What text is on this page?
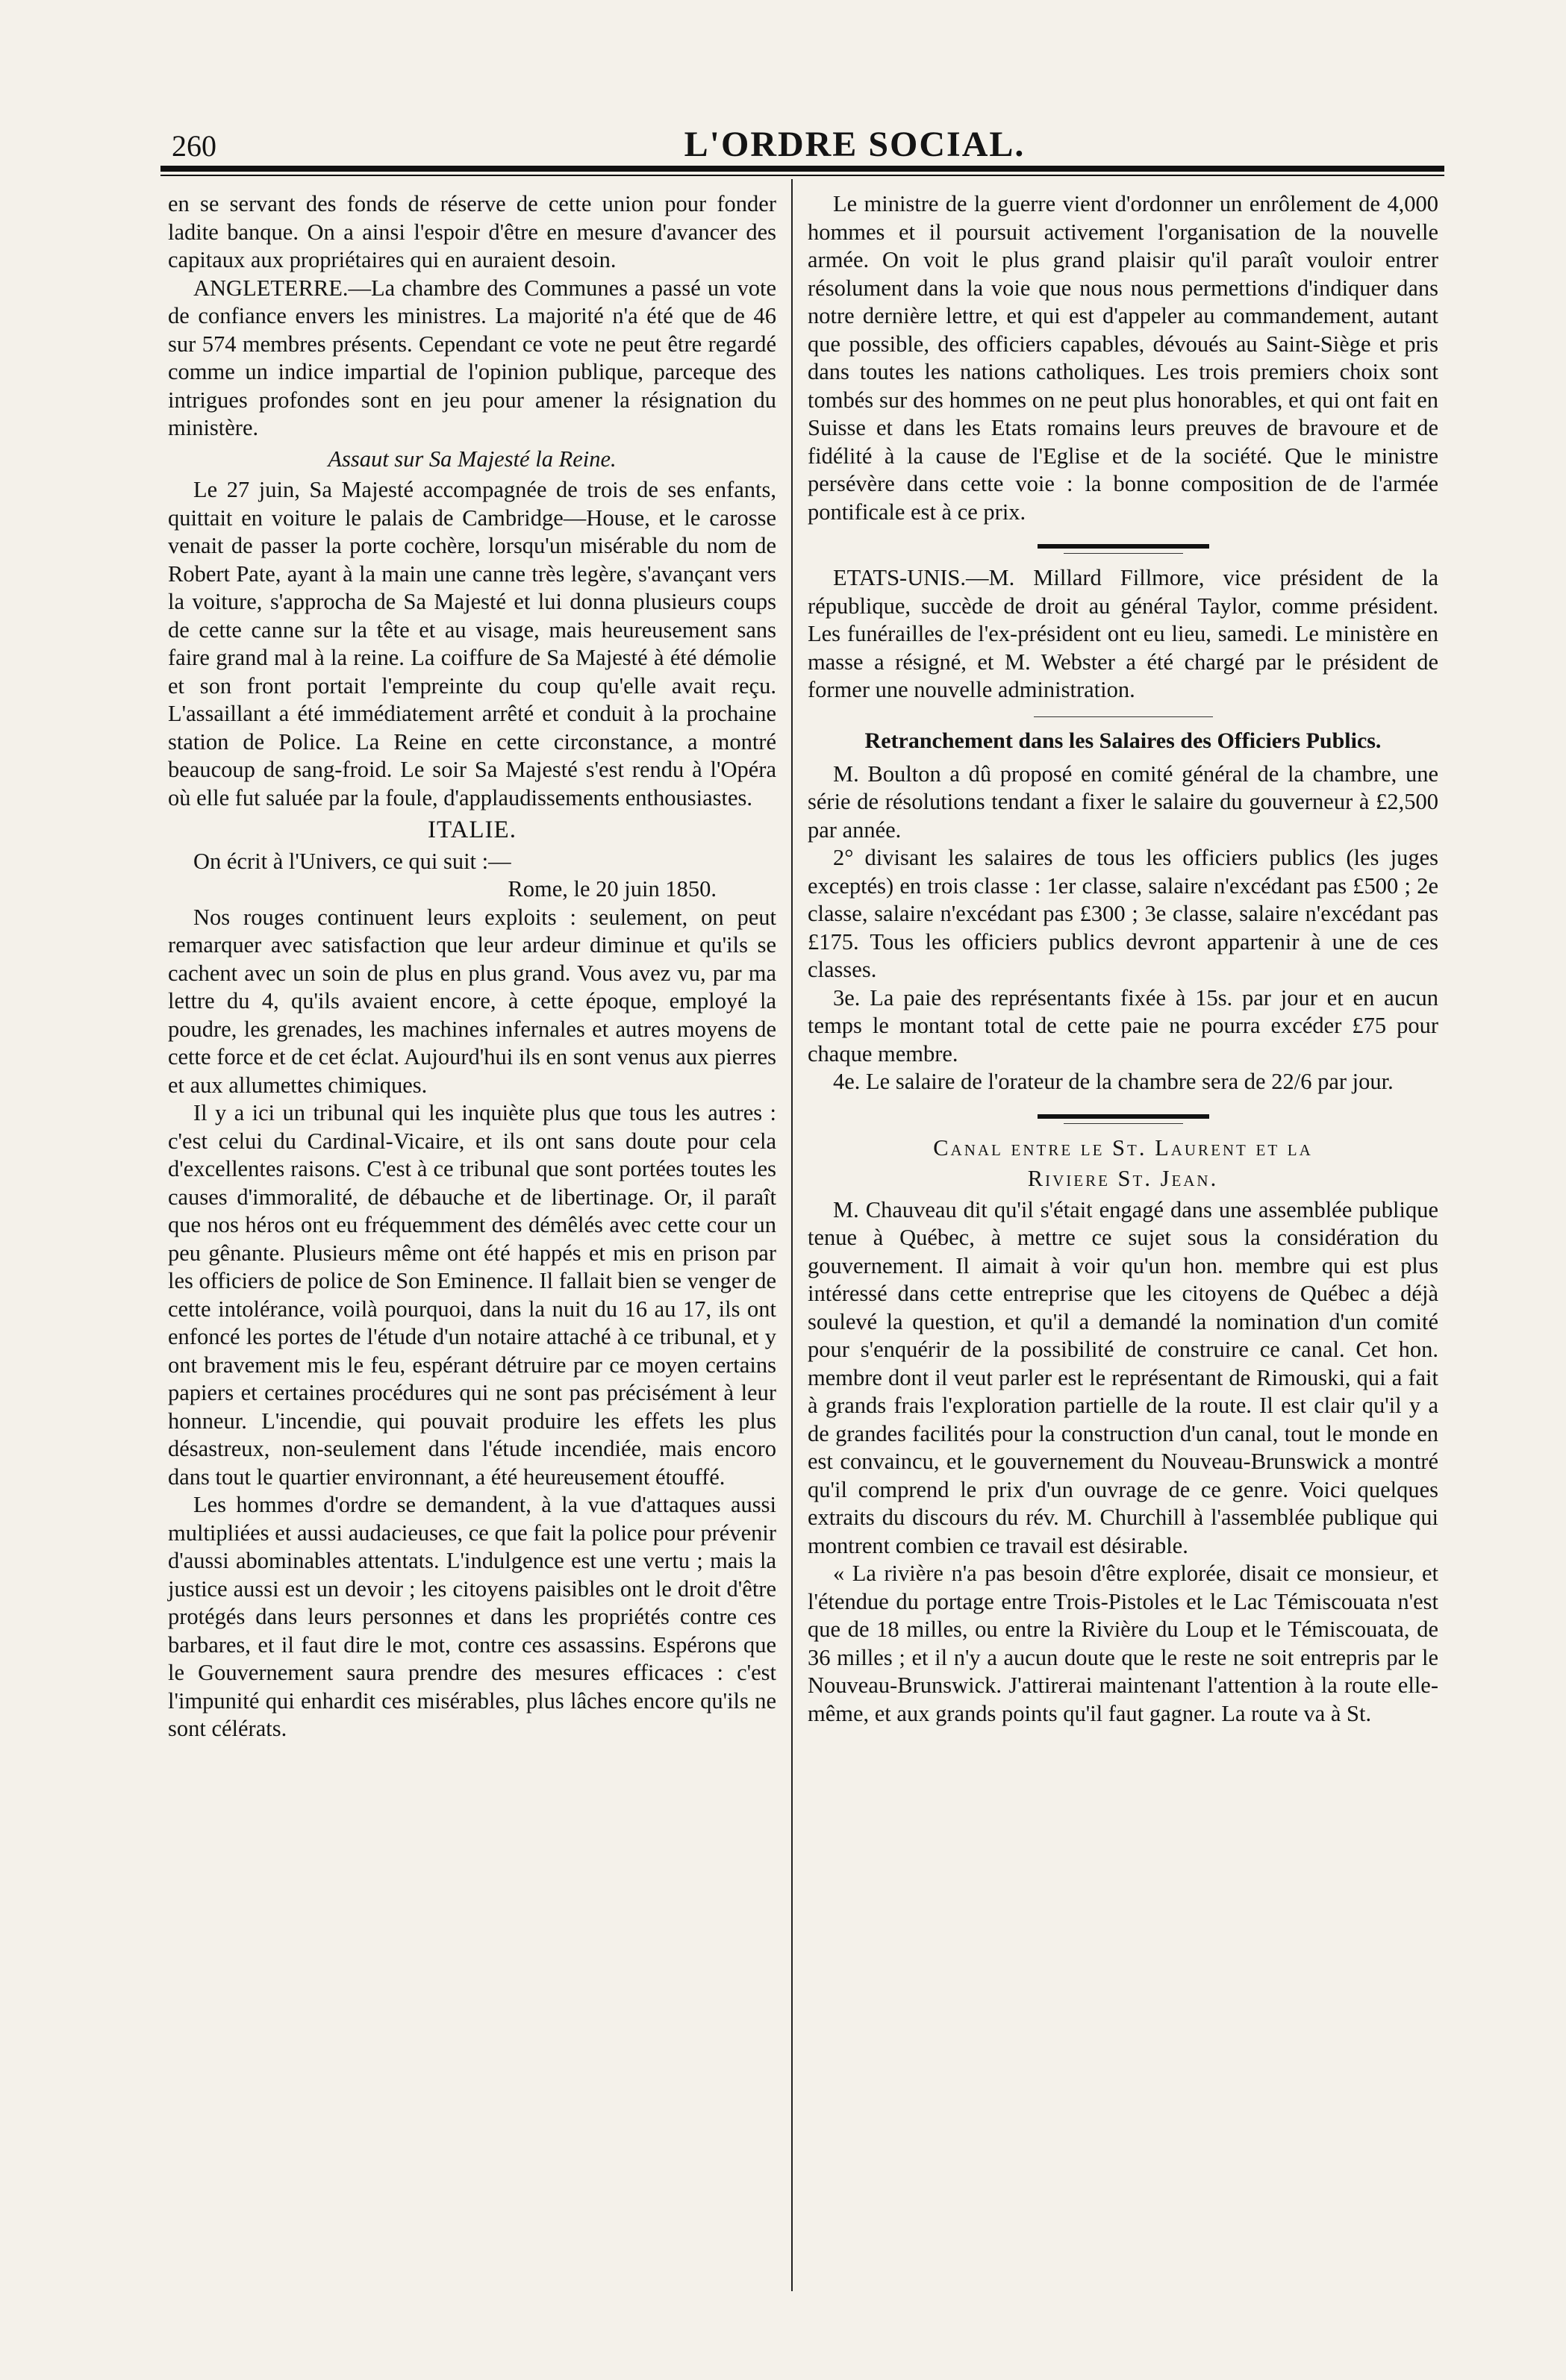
260	L'ORDRE SOCIAL.

en se servant des fonds de réserve de cette union pour fonder ladite banque. On a ainsi l'espoir d'être en mesure d'avancer des capitaux aux propriétaires qui en auraient desoin.

ANGLETERRE.—La chambre des Communes a passé un vote de confiance envers les ministres. La majorité n'a été que de 46 sur 574 membres présents. Cependant ce vote ne peut être regardé comme un indice impartial de l'opinion publique, parceque des intrigues profondes sont en jeu pour amener la résignation du ministère.

Assaut sur Sa Majesté la Reine.

Le 27 juin, Sa Majesté accompagnée de trois de ses enfants, quittait en voiture le palais de Cambridge—House, et le carosse venait de passer la porte cochère, lorsqu'un misérable du nom de Robert Pate, ayant à la main une canne très legère, s'avançant vers la voiture, s'approcha de Sa Majesté et lui donna plusieurs coups de cette canne sur la tête et au visage, mais heureusement sans faire grand mal à la reine. La coiffure de Sa Majesté à été démolie et son front portait l'empreinte du coup qu'elle avait reçu. L'assaillant a été immédiatement arrêté et conduit à la prochaine station de Police. La Reine en cette circonstance, a montré beaucoup de sang-froid. Le soir Sa Majesté s'est rendu à l'Opéra où elle fut saluée par la foule, d'applaudissements enthousiastes.

ITALIE.

On écrit à l'Univers, ce qui suit :—

Rome, le 20 juin 1850.

Nos rouges continuent leurs exploits : seulement, on peut remarquer avec satisfaction que leur ardeur diminue et qu'ils se cachent avec un soin de plus en plus grand. Vous avez vu, par ma lettre du 4, qu'ils avaient encore, à cette époque, employé la poudre, les grenades, les machines infernales et autres moyens de cette force et de cet éclat. Aujourd'hui ils en sont venus aux pierres et aux allumettes chimiques.

Il y a ici un tribunal qui les inquiète plus que tous les autres : c'est celui du Cardinal-Vicaire, et ils ont sans doute pour cela d'excellentes raisons. C'est à ce tribunal que sont portées toutes les causes d'immoralité, de débauche et de libertinage. Or, il paraît que nos héros ont eu fréquemment des démêlés avec cette cour un peu gênante. Plusieurs même ont été happés et mis en prison par les officiers de police de Son Eminence. Il fallait bien se venger de cette intolérance, voilà pourquoi, dans la nuit du 16 au 17, ils ont enfoncé les portes de l'étude d'un notaire attaché à ce tribunal, et y ont bravement mis le feu, espérant détruire par ce moyen certains papiers et certaines procédures qui ne sont pas précisément à leur honneur. L'incendie, qui pouvait produire les effets les plus désastreux, non-seulement dans l'étude incendiée, mais encoro dans tout le quartier environnant, a été heureusement étouffé.

Les hommes d'ordre se demandent, à la vue d'attaques aussi multipliées et aussi audacieuses, ce que fait la police pour prévenir d'aussi abominables attentats. L'indulgence est une vertu ; mais la justice aussi est un devoir ; les citoyens paisibles ont le droit d'être protégés dans leurs personnes et dans les propriétés contre ces barbares, et il faut dire le mot, contre ces assassins. Espérons que le Gouvernement saura prendre des mesures efficaces : c'est l'impunité qui enhardit ces misérables, plus lâches encore qu'ils ne sont célérats.

Le ministre de la guerre vient d'ordonner un enrôlement de 4,000 hommes et il poursuit activement l'organisation de la nouvelle armée. On voit le plus grand plaisir qu'il paraît vouloir entrer résolument dans la voie que nous nous permettions d'indiquer dans notre dernière lettre, et qui est d'appeler au commandement, autant que possible, des officiers capables, dévoués au Saint-Siège et pris dans toutes les nations catholiques. Les trois premiers choix sont tombés sur des hommes on ne peut plus honorables, et qui ont fait en Suisse et dans les Etats romains leurs preuves de bravoure et de fidélité à la cause de l'Eglise et de la société. Que le ministre persévère dans cette voie : la bonne composition de de l'armée pontificale est à ce prix.

ETATS-UNIS.—M. Millard Fillmore, vice président de la république, succède de droit au général Taylor, comme président. Les funérailles de l'ex-président ont eu lieu, samedi. Le ministère en masse a résigné, et M. Webster a été chargé par le président de former une nouvelle administration.

Retranchement dans les Salaires des Officiers Publics.

M. Boulton a dû proposé en comité général de la chambre, une série de résolutions tendant a fixer le salaire du gouverneur à £2,500 par année.

2° divisant les salaires de tous les officiers publics (les juges exceptés) en trois classe : 1er classe, salaire n'excédant pas £500 ; 2e classe, salaire n'excédant pas £300 ; 3e classe, salaire n'excédant pas £175. Tous les officiers publics devront appartenir à une de ces classes.

3e. La paie des représentants fixée à 15s. par jour et en aucun temps le montant total de cette paie ne pourra excéder £75 pour chaque membre.

4e. Le salaire de l'orateur de la chambre sera de 22/6 par jour.

Canal entre le St. Laurent et la
Riviere St. Jean.

M. Chauveau dit qu'il s'était engagé dans une assemblée publique tenue à Québec, à mettre ce sujet sous la considération du gouvernement. Il aimait à voir qu'un hon. membre qui est plus intéressé dans cette entreprise que les citoyens de Québec a déjà soulevé la question, et qu'il a demandé la nomination d'un comité pour s'enquérir de la possibilité de construire ce canal. Cet hon. membre dont il veut parler est le représentant de Rimouski, qui a fait à grands frais l'exploration partielle de la route. Il est clair qu'il y a de grandes facilités pour la construction d'un canal, tout le monde en est convaincu, et le gouvernement du Nouveau-Brunswick a montré qu'il comprend le prix d'un ouvrage de ce genre. Voici quelques extraits du discours du rév. M. Churchill à l'assemblée publique qui montrent combien ce travail est désirable.

« La rivière n'a pas besoin d'être explorée, disait ce monsieur, et l'étendue du portage entre Trois-Pistoles et le Lac Témiscouata n'est que de 18 milles, ou entre la Rivière du Loup et le Témiscouata, de 36 milles ; et il n'y a aucun doute que le reste ne soit entrepris par le Nouveau-Brunswick. J'attirerai maintenant l'attention à la route elle-même, et aux grands points qu'il faut gagner. La route va à St.
